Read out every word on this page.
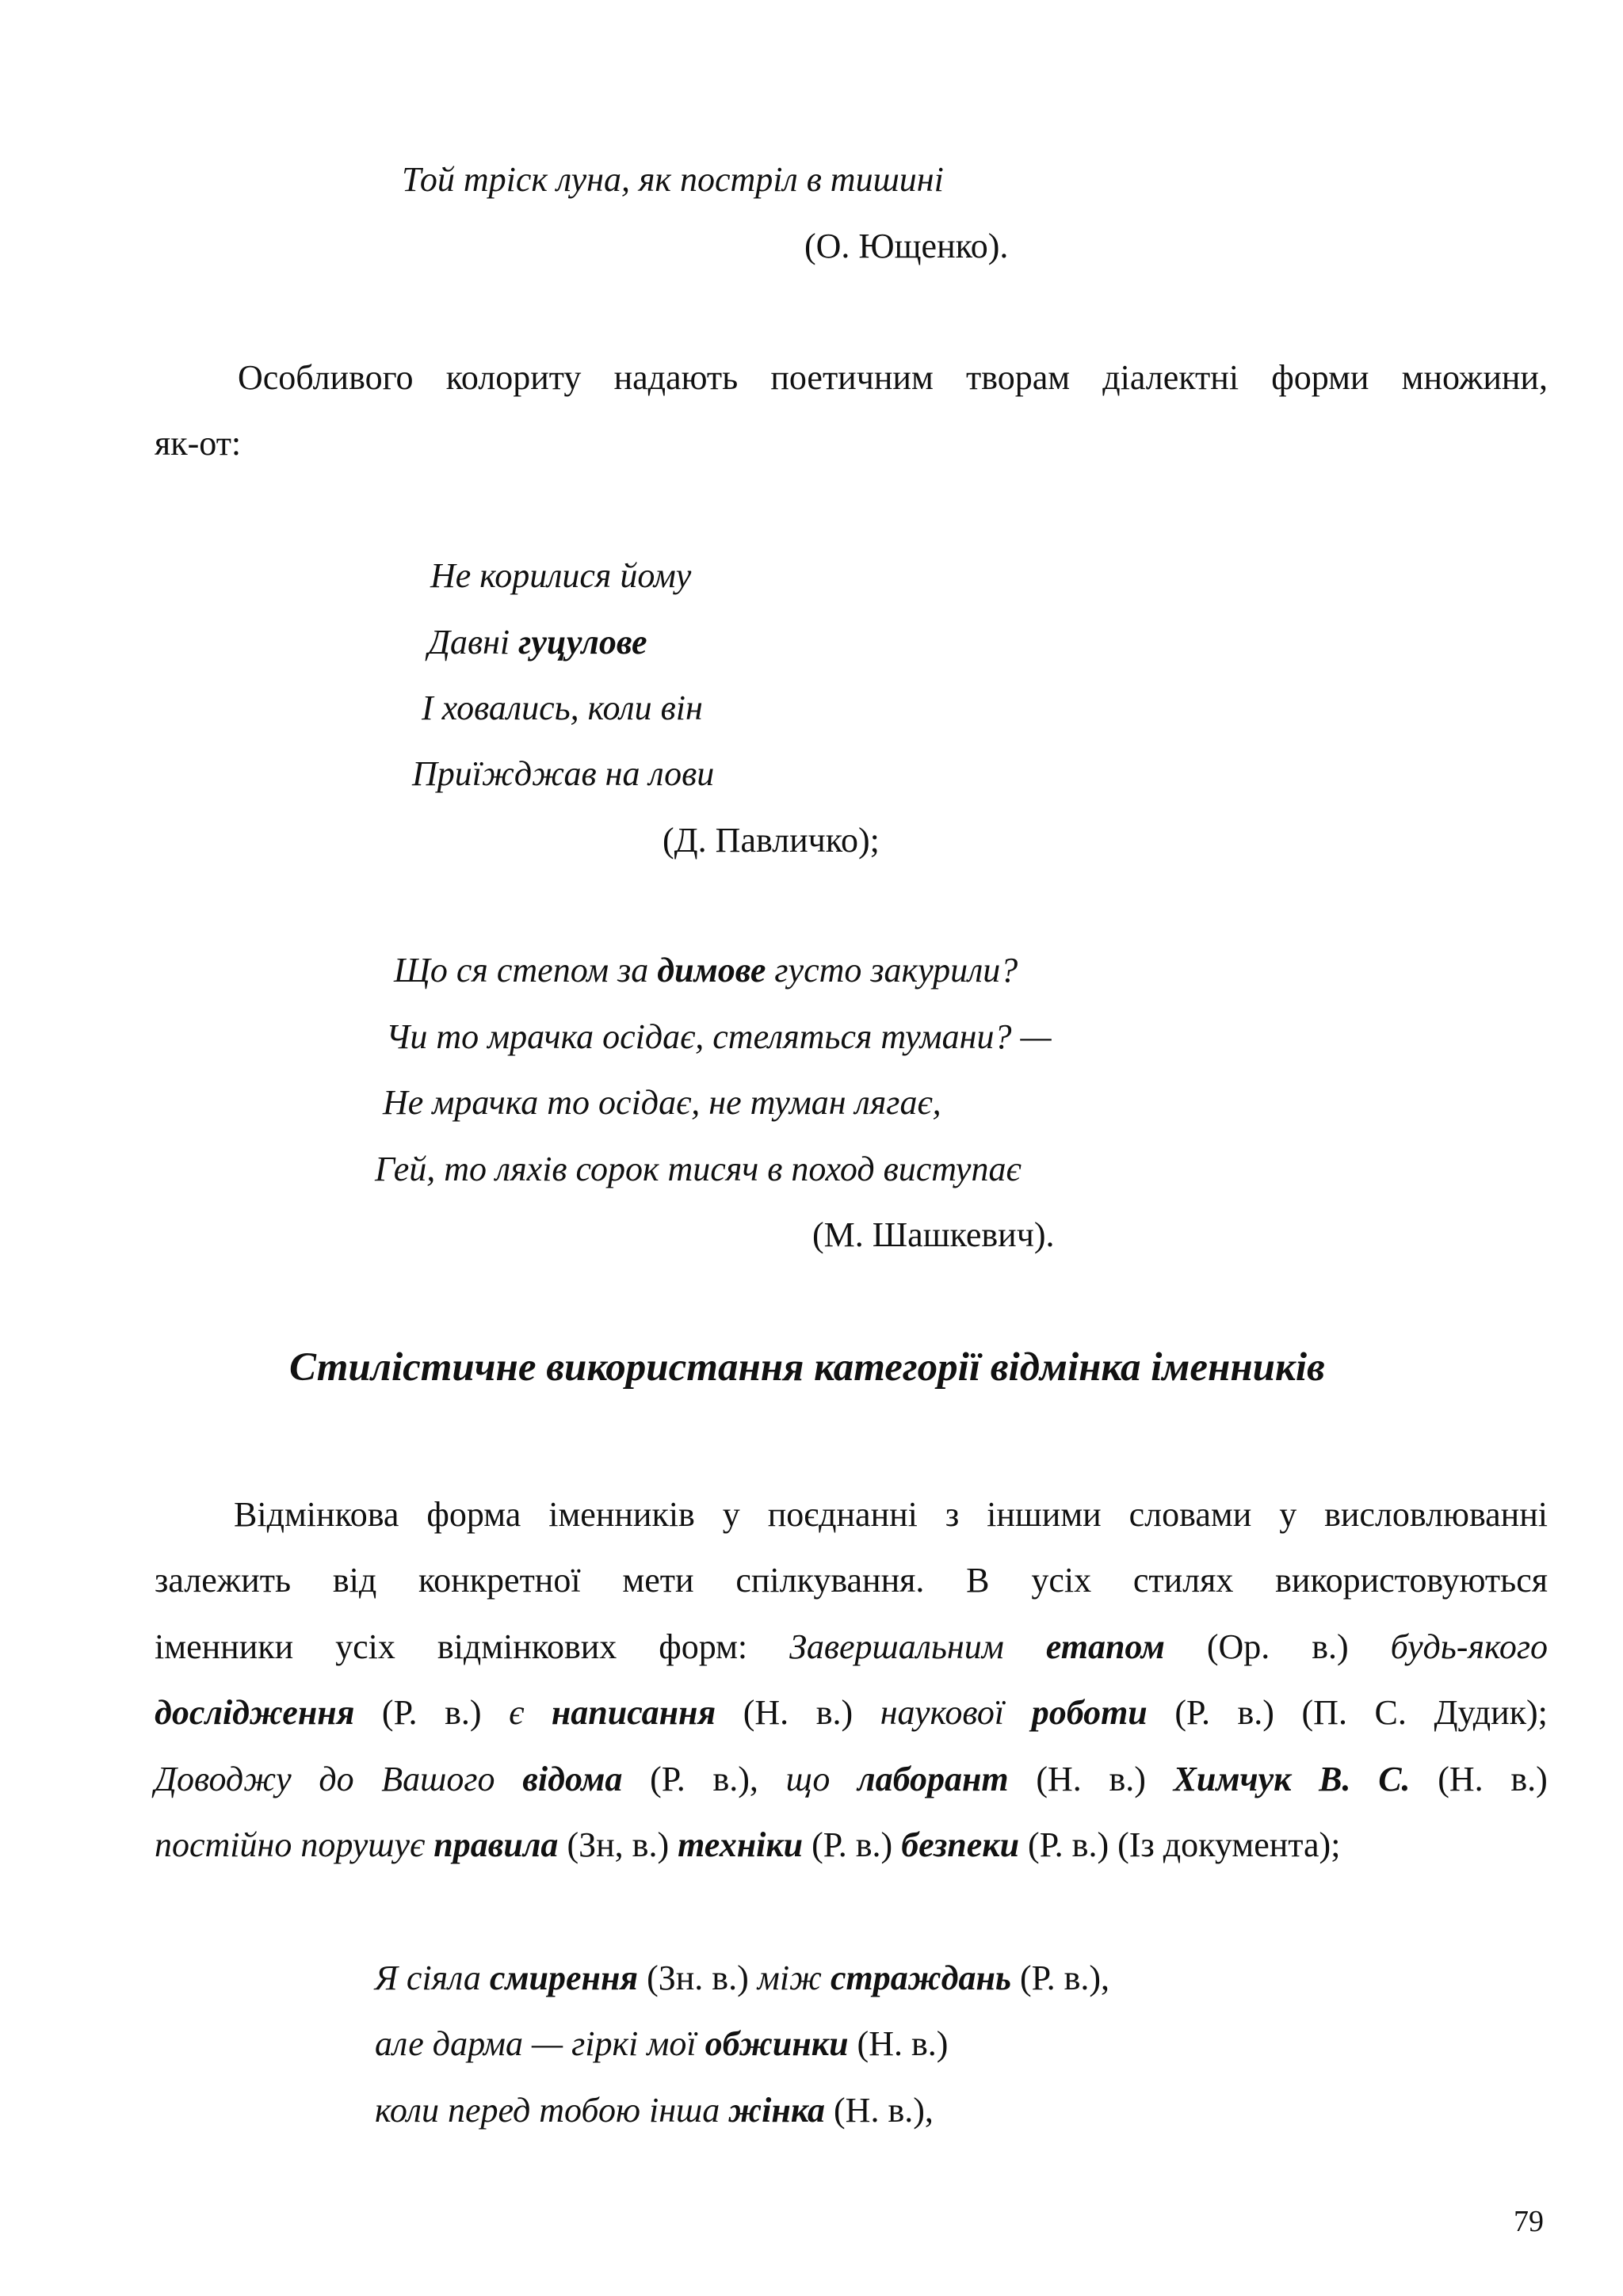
Той тріск луна, як постріл в тишині
(О. Ющенко).
Особливого колориту надають поетичним творам діалектні форми множини,
як-от:
Не корилися йому
Давні гуцулове
І ховались, коли він
Приїжджав на лови
(Д. Павличко);
Що ся степом за димове густо закурили?
Чи то мрачка осідає, стеляться тумани? —
Не мрачка то осідає, не туман лягає,
Гей, то ляхів сорок тисяч в поход виступає
(М. Шашкевич).
Стилістичне використання категорії відмінка іменників
Відмінкова форма іменників у поєднанні з іншими словами у висловлюванні
залежить від конкретної мети спілкування. В усіх стилях використовуються
іменники усіх відмінкових форм: Завершальним етапом (Ор. в.) будь-якого
дослідження (Р. в.) є написання (Н. в.) наукової роботи (Р. в.) (П. С. Дудик);
Доводжу до Вашого відома (Р. в.), що лаборант (Н. в.) Химчук В. С. (Н. в.)
постійно порушує правила (Зн, в.) техніки (Р. в.) безпеки (Р. в.) (Із документа);
Я сіяла смирення (Зн. в.) між страждань (Р. в.),
але дарма — гіркі мої обжинки (Н. в.)
коли перед тобою інша жінка (Н. в.),
79
